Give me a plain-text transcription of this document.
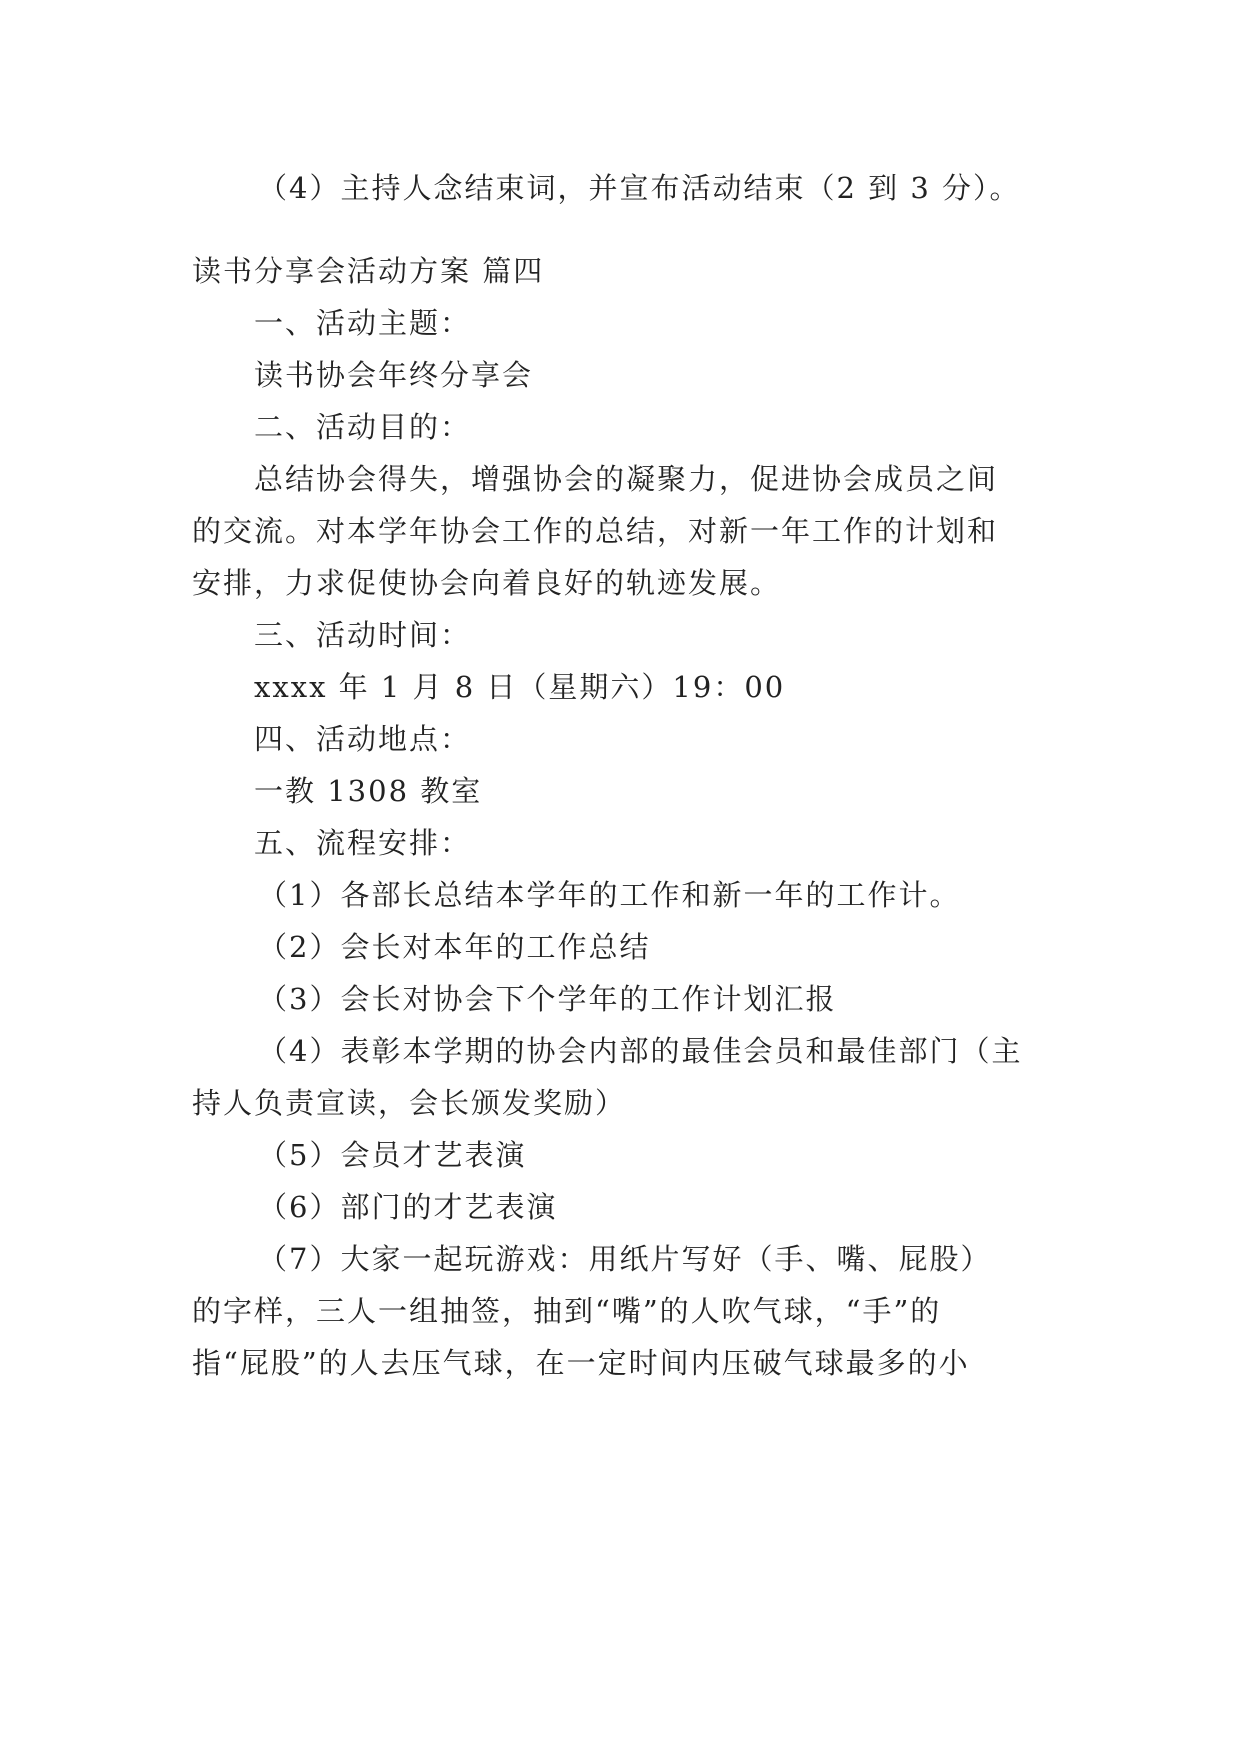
（4）主持人念结束词，并宣布活动结束（2 到 3 分）。
读书分享会活动方案 篇四
一、活动主题：
读书协会年终分享会
二、活动目的：
总结协会得失，增强协会的凝聚力，促进协会成员之间
的交流。对本学年协会工作的总结，对新一年工作的计划和
安排，力求促使协会向着良好的轨迹发展。
三、活动时间：
xxxx 年 1 月 8 日（星期六）19：00
四、活动地点：
一教 1308 教室
五、流程安排：
（1）各部长总结本学年的工作和新一年的工作计。
（2）会长对本年的工作总结
（3）会长对协会下个学年的工作计划汇报
（4）表彰本学期的协会内部的最佳会员和最佳部门（主
持人负责宣读，会长颁发奖励）
（5）会员才艺表演
（6）部门的才艺表演
（7）大家一起玩游戏：用纸片写好（手、嘴、屁股）
的字样，三人一组抽签，抽到“嘴”的人吹气球，“手”的
指“屁股”的人去压气球，在一定时间内压破气球最多的小
